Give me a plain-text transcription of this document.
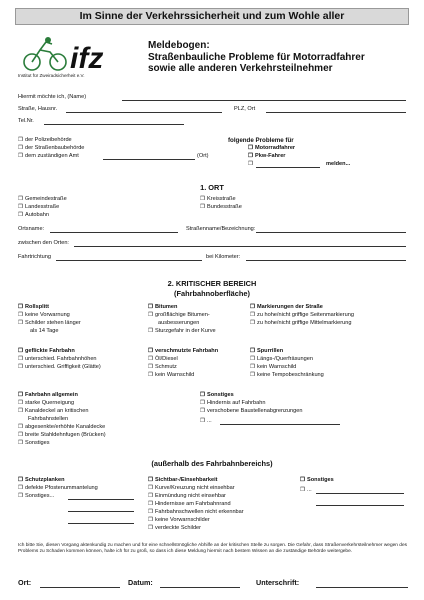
Im Sinne der Verkehrssicherheit und zum Wohle aller
ifz
Institut für Zweiradsicherheit e.V.
Meldebogen:
Straßenbauliche Probleme für Motorradfahrer
sowie alle anderen Verkehrsteilnehmer
Hiermit möchte ich, (Name)
Straße, Hausnr.	PLZ, Ort
Tel.Nr.
❒ der Polizeibehörde
❒ der Straßenbaubehörde
❒ dem zuständigen Amt	(Ort)
folgende Probleme für
❒ Motorradfahrer
❒ Pkw-Fahrer
❒	melden...
1. ORT
❒ Gemeindestraße
❒ Landesstraße
❒ Autobahn
❒ Kreisstraße
❒ Bundesstraße
Ortsname:	Straßenname/Bezeichnung:
zwischen den Orten:
Fahrtrichtung	bei Kilometer:
2. KRITISCHER BEREICH
(Fahrbahnoberfläche)
❒ Rollsplitt
❒ keine Vorwarnung
❒ Schilder stehen länger
als 14 Tage
❒ Bitumen
❒ großflächige Bitumen-
ausbesserungen
❒ Sturzgefahr in der Kurve
❒ Markierungen der Straße
❒ zu hohe/nicht griffige Seitenmarkierung
❒ zu hohe/nicht griffige Mittelmarkierung
❒ geflickte Fahrbahn
❒ unterschied. Fahrbahnhöhen
❒ unterschied. Griffigkeit (Glätte)
❒ verschmutzte Fahrbahn
❒ Öl/Diesel
❒ Schmutz
❒ kein Warnschild
❒ Spurrillen
❒ Längs-/Querfräsungen
❒ kein Warnschild
❒ keine Tempobeschränkung
❒ Fahrbahn allgemein
❒ starke Querneigung
❒ Kanaldeckel an kritischen
Fahrbahnstellen
❒ abgesenkte/erhöhte Kanaldecke
❒ breite Stahldehnfugen (Brücken)
❒ Sonstiges
❒ Sonstiges
❒ Hindernis auf Fahrbahn
❒ verschobene Baustellenabgrenzungen
❒ ...
(außerhalb des Fahrbahnbereichs)
❒ Schutzplanken
❒ defekte Pfostenummantelung
❒ Sonstiges...
❒ Sichtbar-/Einsehbarkeit
❒ Kurve/Kreuzung nicht einsehbar
❒ Einmündung nicht einsehbar
❒ Hindernisse am Fahrbahnrand
❒ Fahrbahnschwellen nicht erkennbar
❒ keine Vorwarnschilder
❒ verdeckte Schilder
❒ Sonstiges
❒ ...
Ich bitte Sie, diesen Vorgang aktenkundig zu machen und für eine schnellstmögliche Abhilfe an der kritischen Stelle zu sorgen. Die Gefahr, dass Straßenverkehrsteilnehmer wegen des Problems zu Schaden kommen können, halte ich für zu groß, so dass ich diese Meldung hiermit nach bestem Wissen an die zuständige Behörde weitergebe.
Ort:	Datum:	Unterschrift:
